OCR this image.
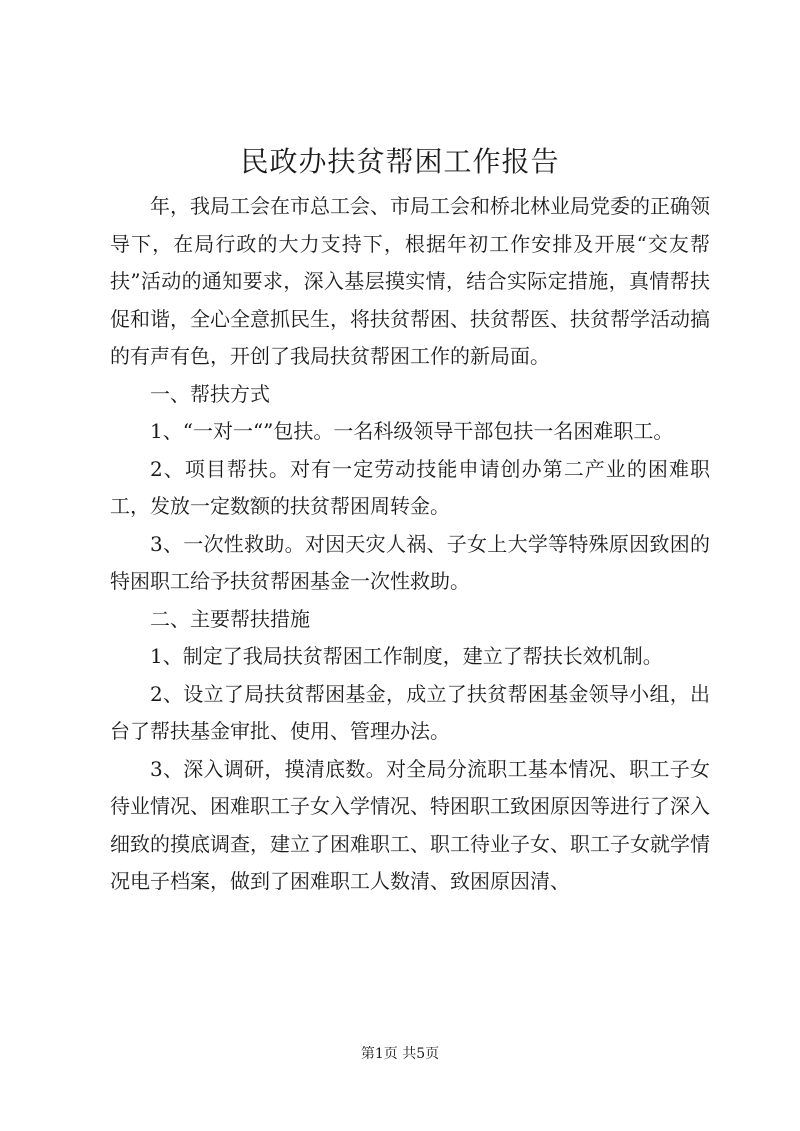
民政办扶贫帮困工作报告

年，我局工会在市总工会、市局工会和桥北林业局党委的正确领导下，在局行政的大力支持下，根据年初工作安排及开展“交友帮扶”活动的通知要求，深入基层摸实情，结合实际定措施，真情帮扶促和谐，全心全意抓民生，将扶贫帮困、扶贫帮医、扶贫帮学活动搞的有声有色，开创了我局扶贫帮困工作的新局面。

一、帮扶方式

1、“一对一“”包扶。一名科级领导干部包扶一名困难职工。

2、项目帮扶。对有一定劳动技能申请创办第二产业的困难职工，发放一定数额的扶贫帮困周转金。

3、一次性救助。对因天灾人祸、子女上大学等特殊原因致困的特困职工给予扶贫帮困基金一次性救助。

二、主要帮扶措施

1、制定了我局扶贫帮困工作制度，建立了帮扶长效机制。

2、设立了局扶贫帮困基金，成立了扶贫帮困基金领导小组，出台了帮扶基金审批、使用、管理办法。

3、深入调研，摸清底数。对全局分流职工基本情况、职工子女待业情况、困难职工子女入学情况、特困职工致困原因等进行了深入细致的摸底调查，建立了困难职工、职工待业子女、职工子女就学情况电子档案，做到了困难职工人数清、致困原因清、

第1页 共5页
